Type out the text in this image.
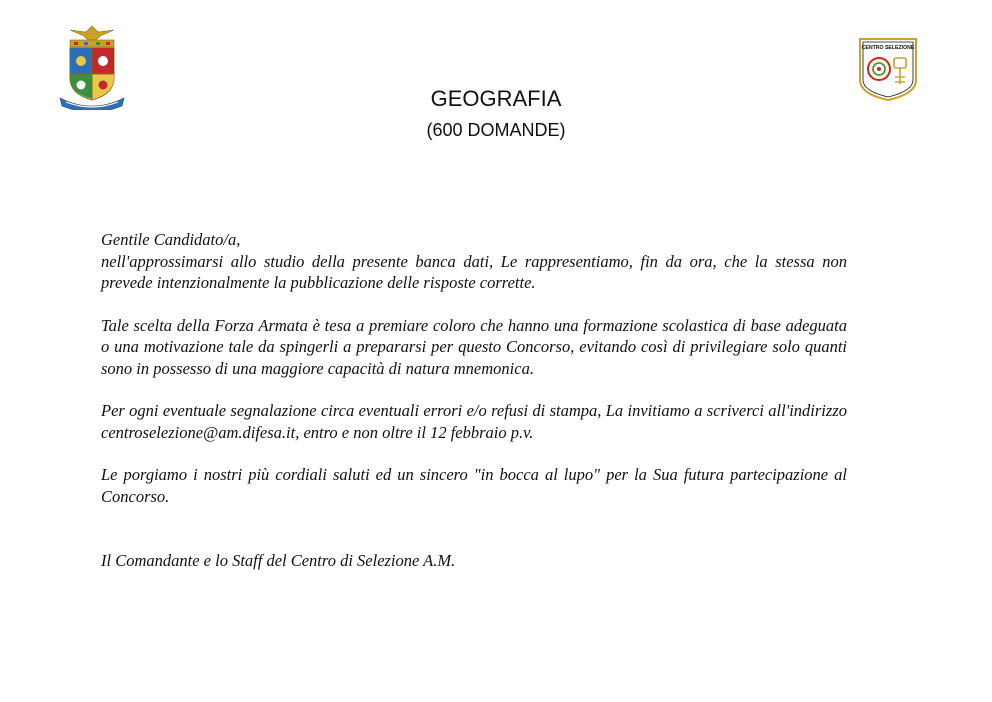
CENTRO SELEZIONE
GEOGRAFIA
(600 DOMANDE)

Gentile Candidato/a,

nell'approssimarsi allo studio della presente banca dati, Le rappresentiamo, fin da ora, che la stessa non prevede intenzionalmente la pubblicazione delle risposte corrette.

Tale scelta della Forza Armata è tesa a premiare coloro che hanno una formazione scolastica di base adeguata o una motivazione tale da spingerli a prepararsi per questo Concorso, evitando così di privilegiare solo quanti sono in possesso di una maggiore capacità di natura mnemonica.

Per ogni eventuale segnalazione circa eventuali errori e/o refusi di stampa, La invitiamo a scriverci all'indirizzo centroselezione@am.difesa.it, entro e non oltre il 12 febbraio p.v.

Le porgiamo i nostri più cordiali saluti ed un sincero "in bocca al lupo" per la Sua futura partecipazione al Concorso.

Il Comandante e lo Staff del Centro di Selezione A.M.
